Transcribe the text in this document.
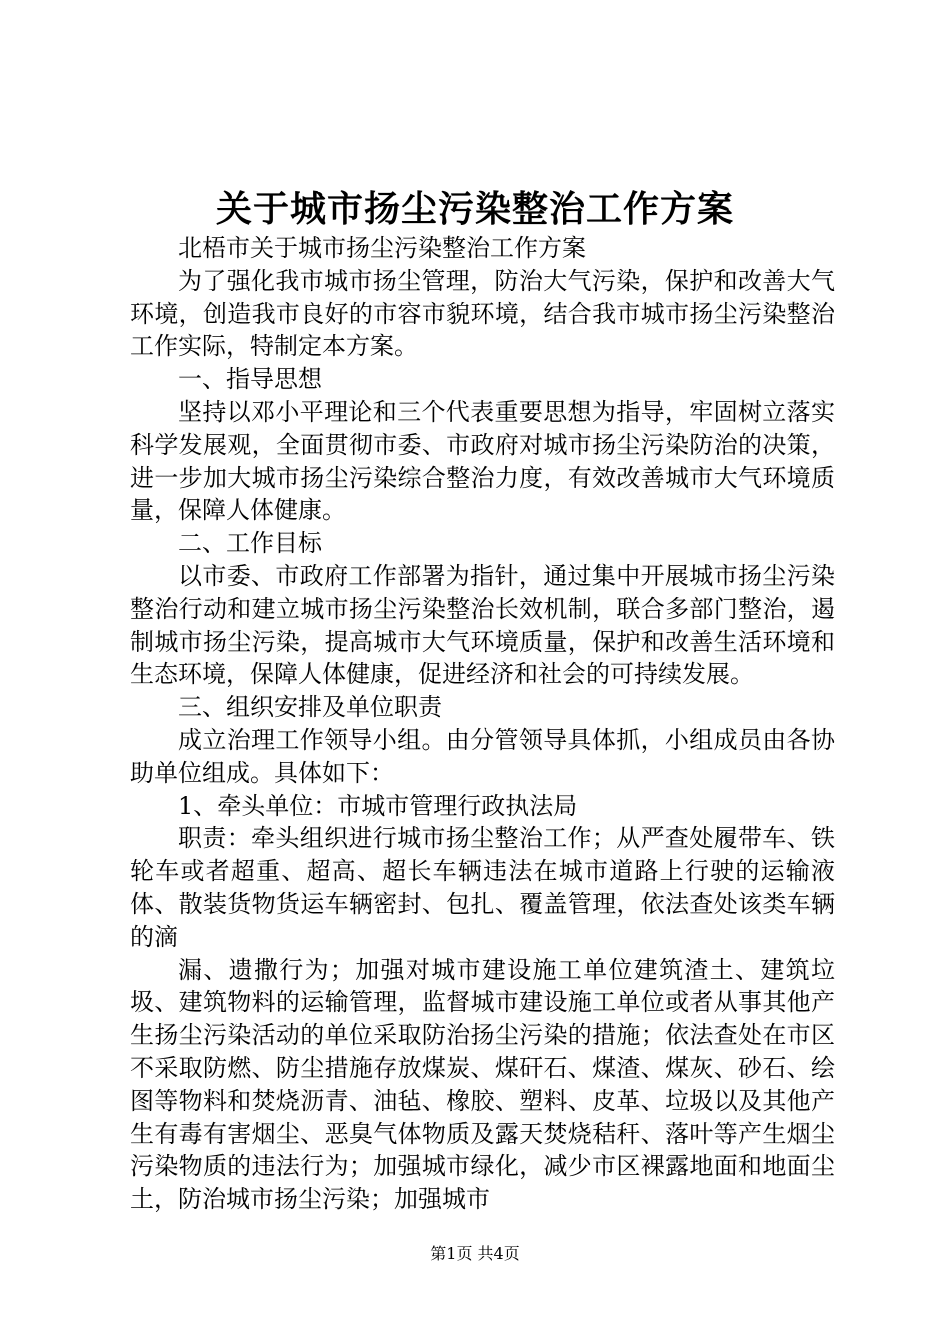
关于城市扬尘污染整治工作方案

北梧市关于城市扬尘污染整治工作方案

为了强化我市城市扬尘管理，防治大气污染，保护和改善大气环境，创造我市良好的市容市貌环境，结合我市城市扬尘污染整治工作实际，特制定本方案。

一、指导思想

坚持以邓小平理论和三个代表重要思想为指导，牢固树立落实科学发展观，全面贯彻市委、市政府对城市扬尘污染防治的决策，进一步加大城市扬尘污染综合整治力度，有效改善城市大气环境质量，保障人体健康。

二、工作目标

以市委、市政府工作部署为指针，通过集中开展城市扬尘污染整治行动和建立城市扬尘污染整治长效机制，联合多部门整治，遏制城市扬尘污染，提高城市大气环境质量，保护和改善生活环境和生态环境，保障人体健康，促进经济和社会的可持续发展。

三、组织安排及单位职责

成立治理工作领导小组。由分管领导具体抓，小组成员由各协助单位组成。具体如下：

1、牵头单位：市城市管理行政执法局

职责：牵头组织进行城市扬尘整治工作；从严查处履带车、铁轮车或者超重、超高、超长车辆违法在城市道路上行驶的运输液体、散装货物货运车辆密封、包扎、覆盖管理，依法查处该类车辆的滴

漏、遗撒行为；加强对城市建设施工单位建筑渣土、建筑垃圾、建筑物料的运输管理，监督城市建设施工单位或者从事其他产生扬尘污染活动的单位采取防治扬尘污染的措施；依法查处在市区不采取防燃、防尘措施存放煤炭、煤矸石、煤渣、煤灰、砂石、绘图等物料和焚烧沥青、油毡、橡胶、塑料、皮革、垃圾以及其他产生有毒有害烟尘、恶臭气体物质及露天焚烧秸秆、落叶等产生烟尘污染物质的违法行为；加强城市绿化，减少市区裸露地面和地面尘土，防治城市扬尘污染；加强城市

第1页 共4页
